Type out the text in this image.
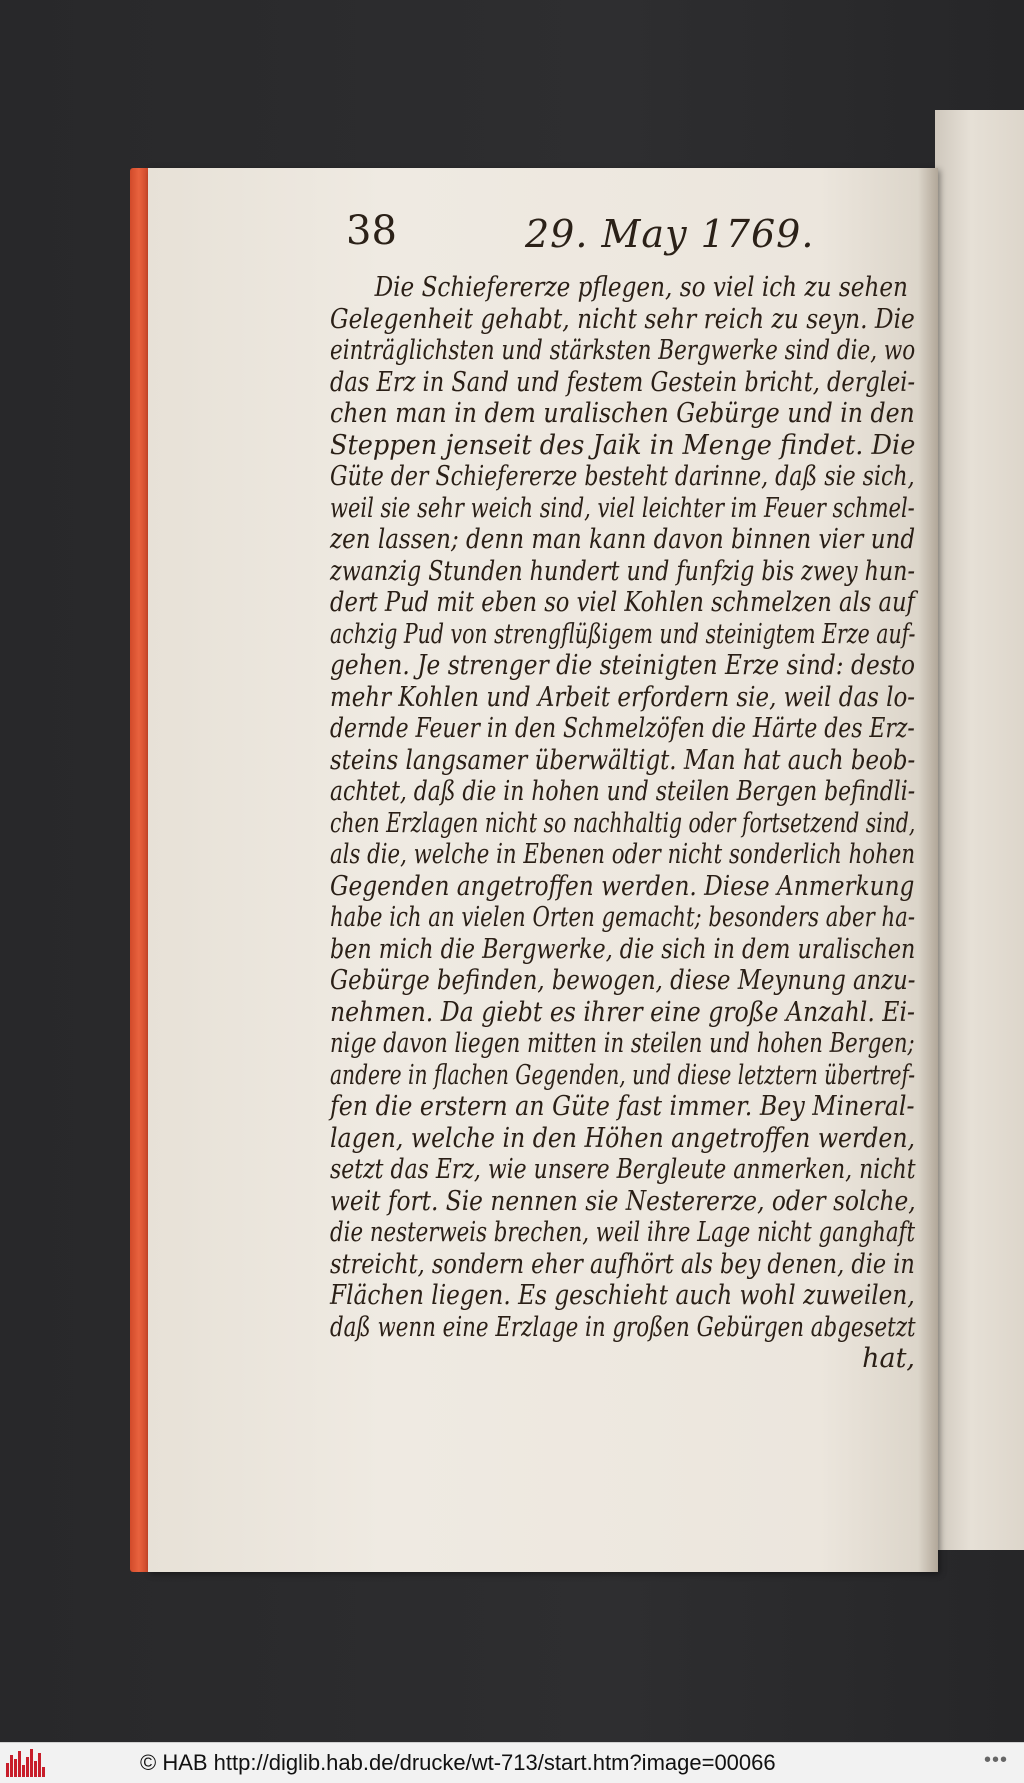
38	29. May 1769.
Die Schiefererze pflegen, so viel ich zu sehen
Gelegenheit gehabt, nicht sehr reich zu seyn. Die
einträglichsten und stärksten Bergwerke sind die, wo
das Erz in Sand und festem Gestein bricht, derglei-
chen man in dem uralischen Gebürge und in den
Steppen jenseit des Jaik in Menge findet. Die
Güte der Schiefererze besteht darinne, daß sie sich,
weil sie sehr weich sind, viel leichter im Feuer schmel-
zen lassen; denn man kann davon binnen vier und
zwanzig Stunden hundert und funfzig bis zwey hun-
dert Pud mit eben so viel Kohlen schmelzen als auf
achzig Pud von strengflüßigem und steinigtem Erze auf-
gehen. Je strenger die steinigten Erze sind: desto
mehr Kohlen und Arbeit erfordern sie, weil das lo-
dernde Feuer in den Schmelzöfen die Härte des Erz-
steins langsamer überwältigt. Man hat auch beob-
achtet, daß die in hohen und steilen Bergen befindli-
chen Erzlagen nicht so nachhaltig oder fortsetzend sind,
als die, welche in Ebenen oder nicht sonderlich hohen
Gegenden angetroffen werden. Diese Anmerkung
habe ich an vielen Orten gemacht; besonders aber ha-
ben mich die Bergwerke, die sich in dem uralischen
Gebürge befinden, bewogen, diese Meynung anzu-
nehmen. Da giebt es ihrer eine große Anzahl. Ei-
nige davon liegen mitten in steilen und hohen Bergen;
andere in flachen Gegenden, und diese letztern übertref-
fen die erstern an Güte fast immer. Bey Mineral-
lagen, welche in den Höhen angetroffen werden,
setzt das Erz, wie unsere Bergleute anmerken, nicht
weit fort. Sie nennen sie Nestererze, oder solche,
die nesterweis brechen, weil ihre Lage nicht ganghaft
streicht, sondern eher aufhört als bey denen, die in
Flächen liegen. Es geschieht auch wohl zuweilen,
daß wenn eine Erzlage in großen Gebürgen abgesetzt
hat,
© HAB http://diglib.hab.de/drucke/wt-713/start.htm?image=00066	•••
